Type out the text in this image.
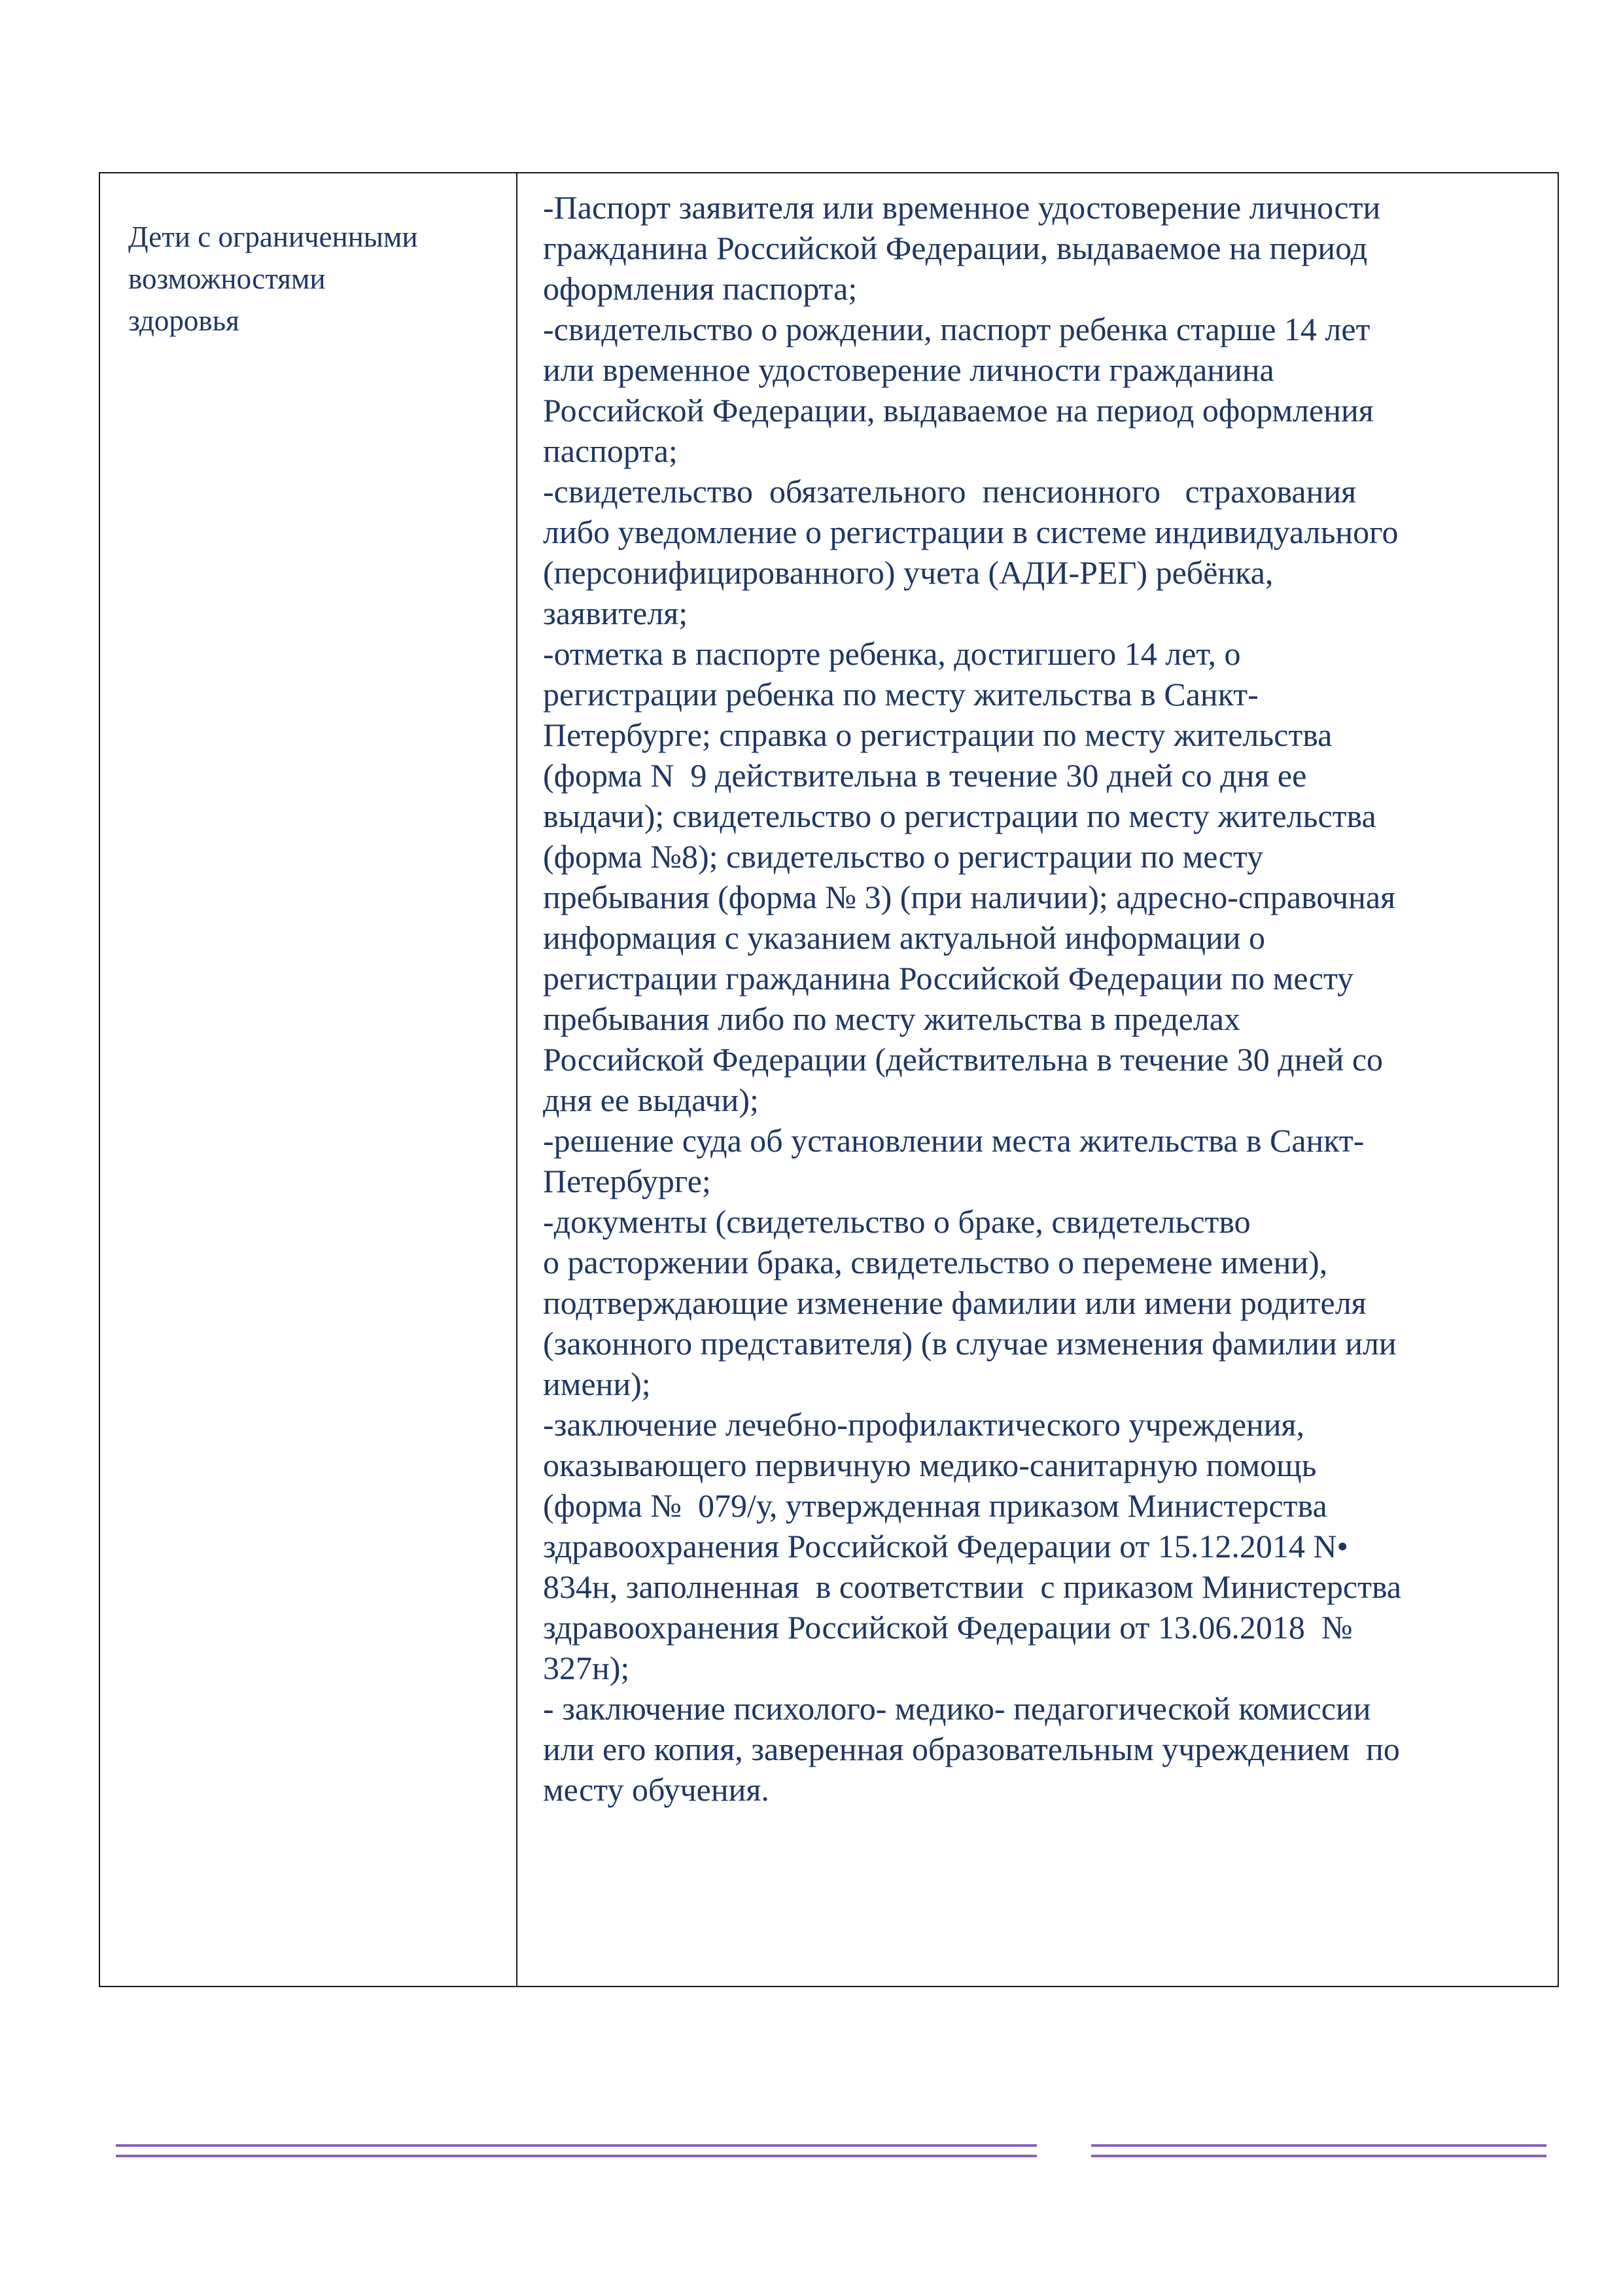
Дети с ограниченными
возможностями
здоровья
-Паспорт заявителя или временное удостоверение личности
гражданина Российской Федерации, выдаваемое на период
оформления паспорта;
-свидетельство о рождении, паспорт ребенка старше 14 лет
или временное удостоверение личности гражданина
Российской Федерации, выдаваемое на период оформления
паспорта;
-свидетельство  обязательного  пенсионного   страхования
либо уведомление о регистрации в системе индивидуального
(персонифицированного) учета (АДИ-РЕГ) ребёнка,
заявителя;
-отметка в паспорте ребенка, достигшего 14 лет, о
регистрации ребенка по месту жительства в Санкт-
Петербурге; справка о регистрации по месту жительства
(форма N  9 действительна в течение 30 дней со дня ее
выдачи); свидетельство о регистрации по месту жительства
(форма №8); свидетельство о регистрации по месту
пребывания (форма № 3) (при наличии); адресно-справочная
информация с указанием актуальной информации о
регистрации гражданина Российской Федерации по месту
пребывания либо по месту жительства в пределах
Российской Федерации (действительна в течение 30 дней со
дня ее выдачи);
-решение суда об установлении места жительства в Санкт-
Петербурге;
-документы (свидетельство о браке, свидетельство
о расторжении брака, свидетельство о перемене имени),
подтверждающие изменение фамилии или имени родителя
(законного представителя) (в случае изменения фамилии или
имени);
-заключение лечебно-профилактического учреждения,
оказывающего первичную медико-санитарную помощь
(форма №  079/у, утвержденная приказом Министерства
здравоохранения Российской Федерации от 15.12.2014 N•
834н, заполненная  в соответствии  с приказом Министерства
здравоохранения Российской Федерации от 13.06.2018  №
327н);
- заключение психолого- медико- педагогической комиссии
или его копия, заверенная образовательным учреждением  по
месту обучения.
